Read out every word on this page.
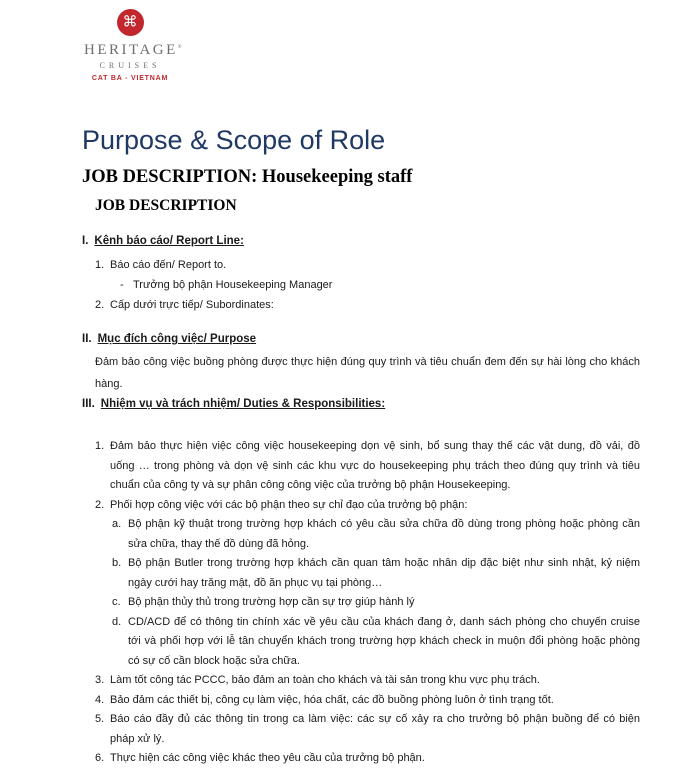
⌘
HERITAGE®
CRUISES
CAT BA - VIETNAM
Purpose & Scope of Role
JOB DESCRIPTION: Housekeeping staff
JOB DESCRIPTION
I. Kênh báo cáo/ Report Line:
1. Báo cáo đến/ Report to.
- Trưởng bộ phận Housekeeping Manager
2. Cấp dưới trực tiếp/ Subordinates:
II. Mục đích công việc/ Purpose
Đảm bảo công việc buồng phòng được thực hiện đúng quy trình và tiêu chuẩn đem đến sự hài lòng cho khách hàng.
III. Nhiệm vụ và trách nhiệm/ Duties & Responsibilities:
1. Đảm bảo thực hiện việc công việc housekeeping dọn vệ sinh, bổ sung thay thế các vật dung, đồ vải, đồ uống … trong phòng và dọn vệ sinh các khu vực do housekeeping phụ trách theo đúng quy trình và tiêu chuẩn của công ty và sự phân công công việc của trưởng bộ phận Housekeeping.
2. Phối hợp công việc với các bộ phận theo sự chỉ đạo của trưởng bộ phận:
a. Bộ phận kỹ thuật trong trường hợp khách có yêu cầu sửa chữa đồ dùng trong phòng hoặc phòng cần sửa chữa, thay thế đồ dùng đã hỏng.
b. Bộ phận Butler trong trường hợp khách cần quan tâm hoặc nhân dịp đặc biệt như sinh nhật, kỷ niệm ngày cưới hay trăng mật, đồ ăn phục vụ tại phòng…
c. Bộ phận thủy thủ trong trường hợp cần sự trợ giúp hành lý
d. CD/ACD để có thông tin chính xác về yêu cầu của khách đang ở, danh sách phòng cho chuyến cruise tới và phối hợp với lễ tân chuyển khách trong trường hợp khách check in muộn đổi phòng hoặc phòng có sự cố cần block hoặc sửa chữa.
3. Làm tốt công tác PCCC, bảo đảm an toàn cho khách và tài sản trong khu vực phụ trách.
4. Bảo đảm các thiết bị, công cụ làm việc, hóa chất, các đồ buồng phòng luôn ở tình trạng tốt.
5. Báo cáo đầy đủ các thông tin trong ca làm việc: các sự cố xảy ra cho trưởng bộ phận buồng để có biện pháp xử lý.
6. Thực hiện các công việc khác theo yêu cầu của trưởng bộ phận.
